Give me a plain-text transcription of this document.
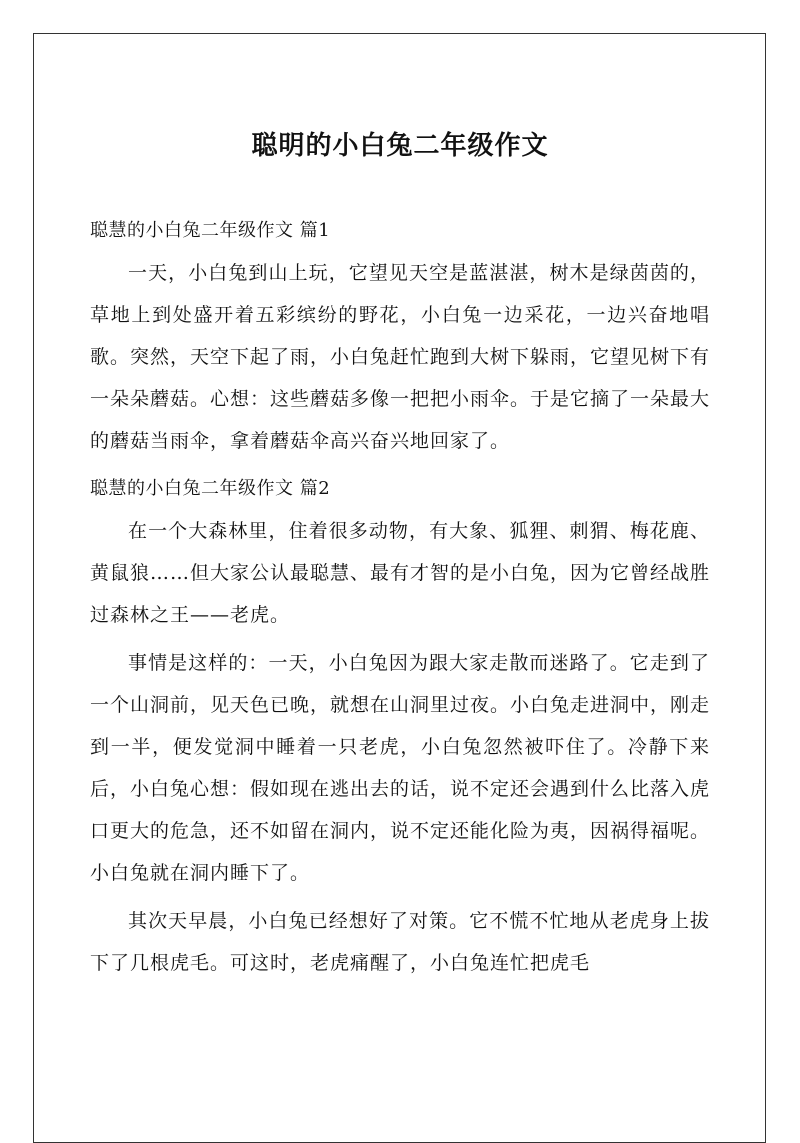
聪明的小白兔二年级作文

聪慧的小白兔二年级作文 篇1

一天，小白兔到山上玩，它望见天空是蓝湛湛，树木是绿茵茵的，草地上到处盛开着五彩缤纷的野花，小白兔一边采花，一边兴奋地唱歌。突然，天空下起了雨，小白兔赶忙跑到大树下躲雨，它望见树下有一朵朵蘑菇。心想：这些蘑菇多像一把把小雨伞。于是它摘了一朵最大的蘑菇当雨伞，拿着蘑菇伞高兴奋兴地回家了。

聪慧的小白兔二年级作文 篇2

在一个大森林里，住着很多动物，有大象、狐狸、刺猬、梅花鹿、黄鼠狼……但大家公认最聪慧、最有才智的是小白兔，因为它曾经战胜过森林之王——老虎。

事情是这样的：一天，小白兔因为跟大家走散而迷路了。它走到了一个山洞前，见天色已晚，就想在山洞里过夜。小白兔走进洞中，刚走到一半，便发觉洞中睡着一只老虎，小白兔忽然被吓住了。冷静下来后，小白兔心想：假如现在逃出去的话，说不定还会遇到什么比落入虎口更大的危急，还不如留在洞内，说不定还能化险为夷，因祸得福呢。小白兔就在洞内睡下了。

其次天早晨，小白兔已经想好了对策。它不慌不忙地从老虎身上拔下了几根虎毛。可这时，老虎痛醒了，小白兔连忙把虎毛
